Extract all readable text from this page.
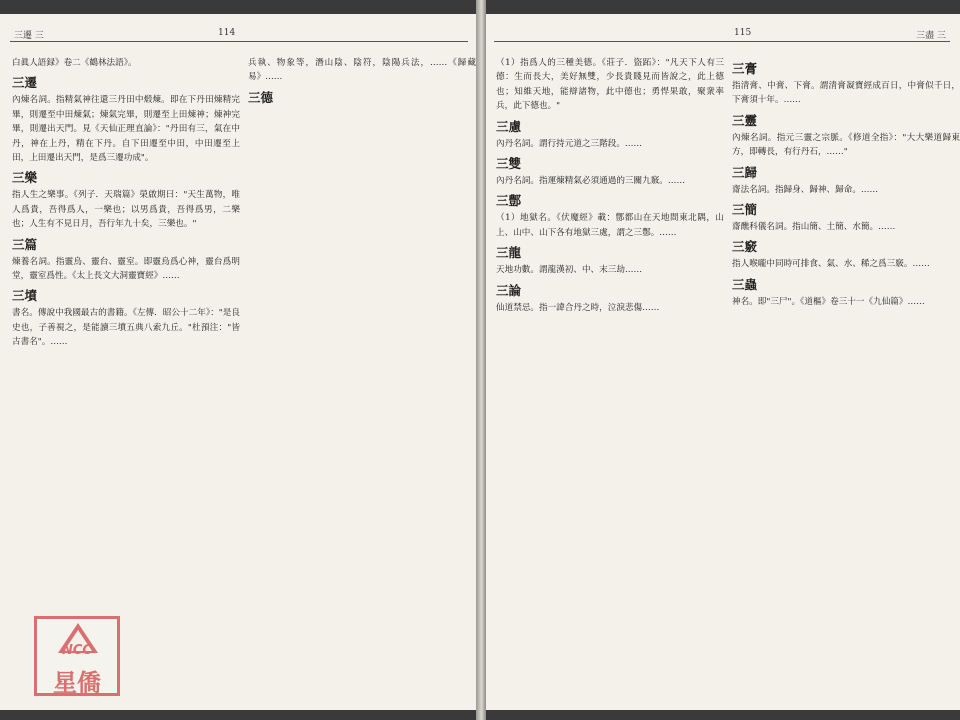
三遷 三	114
白眞人語録》卷二《鶴林法語》。
三遷
內煉名詞。指精氣神往還三丹田中煅煉。即在下丹田煉精完畢，則遷至中田煉氣；煉氣完畢，則遷至上田煉神；煉神完畢，則遷出天門。見《天仙正理直論》："丹田有三，氣在中丹，神在上丹，精在下丹。自下田遷至中田，中田遷至上田，上田遷出天門，是爲三遷功成"。
三樂
指人生之樂事。《列子．天瑞篇》榮啟期曰："天生萬物，唯人爲貴，吾得爲人，一樂也；以男爲貴，吾得爲男，二樂也；人生有不見日月，吾行年九十矣，三樂也。"
三篇
煉養名詞。指靈烏、靈台、靈室。即靈烏爲心神，靈台爲明堂，靈室爲性。《太上長文大洞靈寶經》……
三墳
書名。傳說中我國最古的書籍。《左傳．昭公十二年》："是良史也，子善視之，是能讀三墳五典八索九丘。"杜預注："皆古書名"。……
兵執、物象等，潛山陰、陰符，陰陽兵法，……《歸藏易》……
三德
NCC
星僑
115	三盡 三
（1）指爲人的三種美德。《莊子．盜跖》："凡天下人有三德：生而長大，美好無雙，少長貴賤見而皆說之，此上德也；知維天地，能辯諸物，此中德也；勇悍果敢，聚衆率兵，此下德也。"
三慮
內丹名詞。謂行持元道之三階段。……
三雙
內丹名詞。指運煉精氣必須通過的三關九竅。……
三鄷
（1）地獄名。《伏魔經》載：鄷都山在天地間東北隅，山上、山中、山下各有地獄三處，謂之三鄷。……
三龍
天地功數。謂龍漢初、中、末三劫……
三論
仙道禁忌。指一諱合丹之時，泣淚悲傷……
三膏
指清膏、中膏、下膏。謂清膏凝寶經成百日，中膏似千日，下膏須十年。……
三靈
內煉名詞。指元三靈之宗脈。《修道全指》："大大樂道歸東方，即轉長，有行丹石，……"
三歸
齋法名詞。指歸身、歸神、歸命。……
三簡
齋醮科儀名詞。指山簡、土簡、水簡。……
三竅
指人喉嚨中同時可排食、氣、水、稀之爲三竅。……
三蟲
神名。即"三尸"。《道樞》卷三十一《九仙篇》……
